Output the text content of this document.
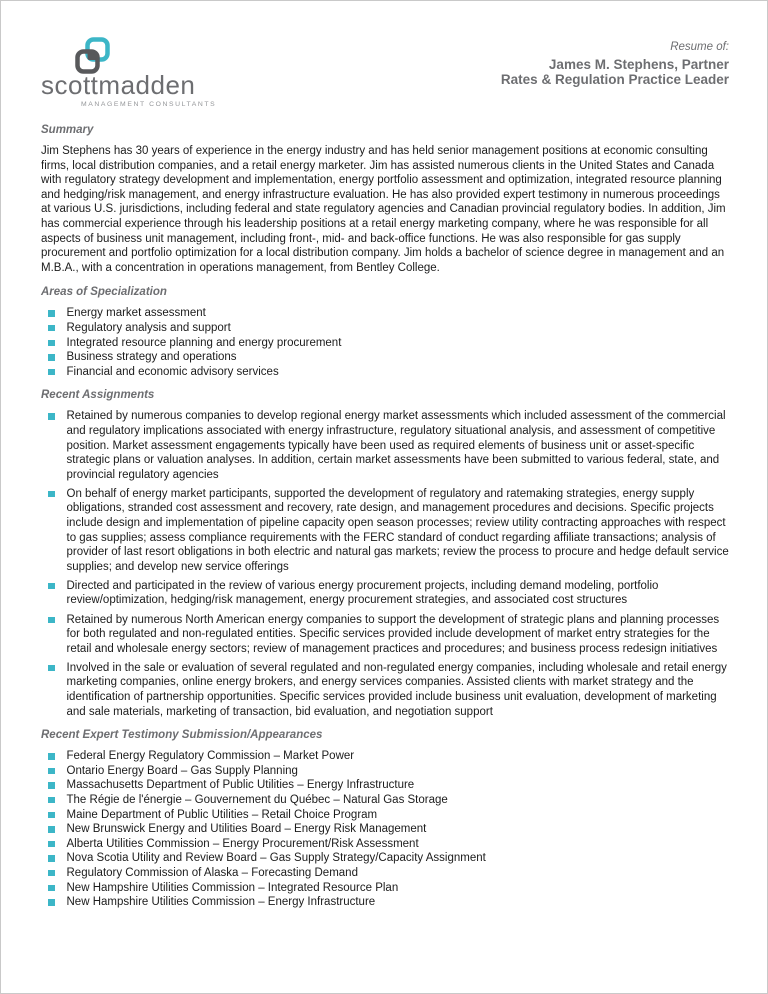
scottmadden
MANAGEMENT CONSULTANTS
Resume of:
James M. Stephens, Partner
Rates & Regulation Practice Leader
Summary

Jim Stephens has 30 years of experience in the energy industry and has held senior management positions at economic consulting firms, local distribution companies, and a retail energy marketer. Jim has assisted numerous clients in the United States and Canada with regulatory strategy development and implementation, energy portfolio assessment and optimization, integrated resource planning and hedging/risk management, and energy infrastructure evaluation. He has also provided expert testimony in numerous proceedings at various U.S. jurisdictions, including federal and state regulatory agencies and Canadian provincial regulatory bodies. In addition, Jim has commercial experience through his leadership positions at a retail energy marketing company, where he was responsible for all aspects of business unit management, including front-, mid- and back-office functions. He was also responsible for gas supply procurement and portfolio optimization for a local distribution company. Jim holds a bachelor of science degree in management and an M.B.A., with a concentration in operations management, from Bentley College.

Areas of Specialization
Energy market assessment
Regulatory analysis and support
Integrated resource planning and energy procurement
Business strategy and operations
Financial and economic advisory services
Recent Assignments
Retained by numerous companies to develop regional energy market assessments which included assessment of the commercial and regulatory implications associated with energy infrastructure, regulatory situational analysis, and assessment of competitive position. Market assessment engagements typically have been used as required elements of business unit or asset-specific strategic plans or valuation analyses. In addition, certain market assessments have been submitted to various federal, state, and provincial regulatory agencies
On behalf of energy market participants, supported the development of regulatory and ratemaking strategies, energy supply obligations, stranded cost assessment and recovery, rate design, and management procedures and decisions. Specific projects include design and implementation of pipeline capacity open season processes; review utility contracting approaches with respect to gas supplies; assess compliance requirements with the FERC standard of conduct regarding affiliate transactions; analysis of provider of last resort obligations in both electric and natural gas markets; review the process to procure and hedge default service supplies; and develop new service offerings
Directed and participated in the review of various energy procurement projects, including demand modeling, portfolio review/optimization, hedging/risk management, energy procurement strategies, and associated cost structures
Retained by numerous North American energy companies to support the development of strategic plans and planning processes for both regulated and non-regulated entities. Specific services provided include development of market entry strategies for the retail and wholesale energy sectors; review of management practices and procedures; and business process redesign initiatives
Involved in the sale or evaluation of several regulated and non-regulated energy companies, including wholesale and retail energy marketing companies, online energy brokers, and energy services companies. Assisted clients with market strategy and the identification of partnership opportunities. Specific services provided include business unit evaluation, development of marketing and sale materials, marketing of transaction, bid evaluation, and negotiation support
Recent Expert Testimony Submission/Appearances
Federal Energy Regulatory Commission – Market Power
Ontario Energy Board – Gas Supply Planning
Massachusetts Department of Public Utilities – Energy Infrastructure
The Régie de l'énergie – Gouvernement du Québec – Natural Gas Storage
Maine Department of Public Utilities – Retail Choice Program
New Brunswick Energy and Utilities Board – Energy Risk Management
Alberta Utilities Commission – Energy Procurement/Risk Assessment
Nova Scotia Utility and Review Board – Gas Supply Strategy/Capacity Assignment
Regulatory Commission of Alaska – Forecasting Demand
New Hampshire Utilities Commission – Integrated Resource Plan
New Hampshire Utilities Commission – Energy Infrastructure
